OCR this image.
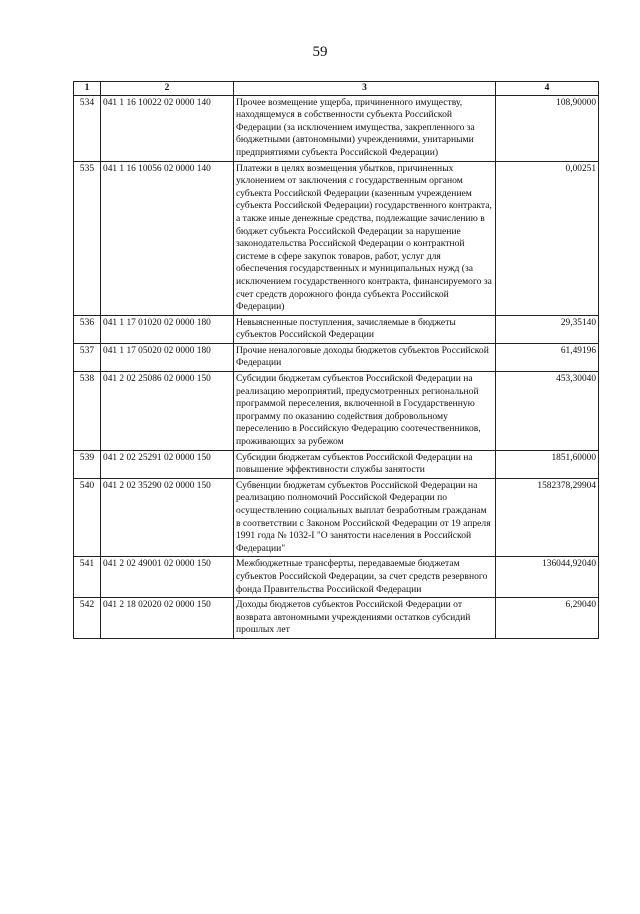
59
1	2	3	4
534	041 1 16 10022 02 0000 140	Прочее возмещение ущерба, причиненного имуществу, находящемуся в собственности субъекта Российской Федерации (за исключением имущества, закрепленного за бюджетными (автономными) учреждениями, унитарными предприятиями субъекта Российской Федерации)	108,90000
535	041 1 16 10056 02 0000 140	Платежи в целях возмещения убытков, причиненных уклонением от заключения с государственным органом субъекта Российской Федерации (казенным учреждением субъекта Российской Федерации) государственного контракта, а также иные денежные средства, подлежащие зачислению в бюджет субъекта Российской Федерации за нарушение законодательства Российской Федерации о контрактной системе в сфере закупок товаров, работ, услуг для обеспечения государственных и муниципальных нужд (за исключением государственного контракта, финансируемого за счет средств дорожного фонда субъекта Российской Федерации)	0,00251
536	041 1 17 01020 02 0000 180	Невыясненные поступления, зачисляемые в бюджеты субъектов Российской Федерации	29,35140
537	041 1 17 05020 02 0000 180	Прочие неналоговые доходы бюджетов субъектов Российской Федерации	61,49196
538	041 2 02 25086 02 0000 150	Субсидии бюджетам субъектов Российской Федерации на реализацию мероприятий, предусмотренных региональной программой переселения, включенной в Государственную программу по оказанию содействия добровольному переселению в Российскую Федерацию соотечественников, проживающих за рубежом	453,30040
539	041 2 02 25291 02 0000 150	Субсидии бюджетам субъектов Российской Федерации на повышение эффективности службы занятости	1851,60000
540	041 2 02 35290 02 0000 150	Субвенции бюджетам субъектов Российской Федерации на реализацию полномочий Российской Федерации по осуществлению социальных выплат безработным гражданам в соответствии с Законом Российской Федерации от 19 апреля 1991 года № 1032-I "О занятости населения в Российской Федерации"	1582378,29904
541	041 2 02 49001 02 0000 150	Межбюджетные трансферты, передаваемые бюджетам субъектов Российской Федерации, за счет средств резервного фонда Правительства Российской Федерации	136044,92040
542	041 2 18 02020 02 0000 150	Доходы бюджетов субъектов Российской Федерации от возврата автономными учреждениями остатков субсидий прошлых лет	6,29040
